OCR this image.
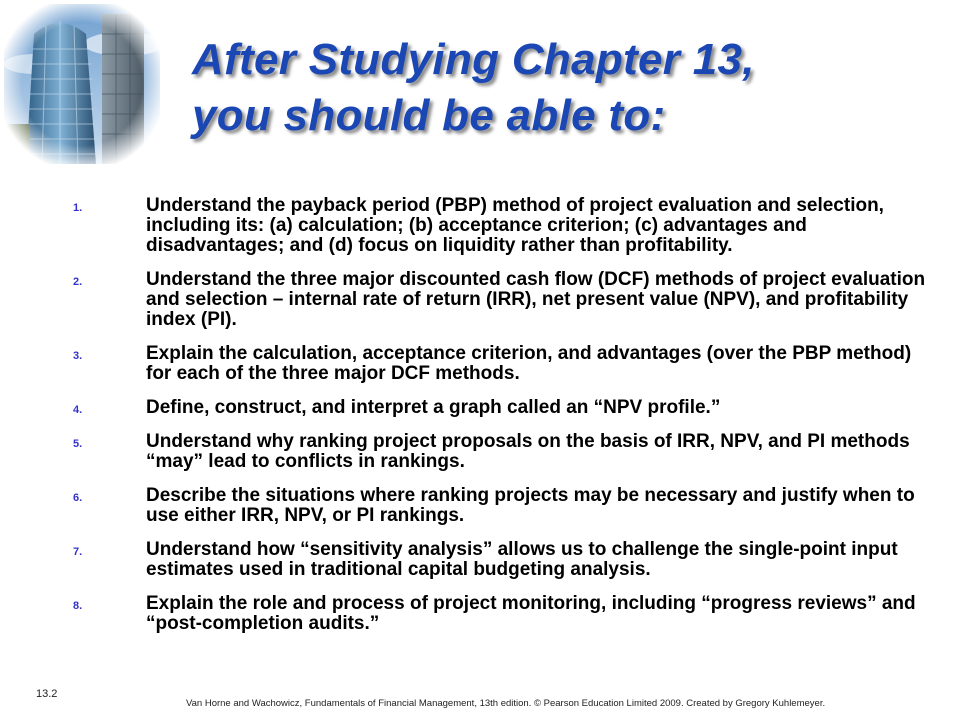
After Studying Chapter 13,
you should be able to:
1.	Understand the payback period (PBP) method of project evaluation and selection, including its: (a) calculation; (b) acceptance criterion; (c) advantages and disadvantages; and (d) focus on liquidity rather than profitability.
2.	Understand the three major discounted cash flow (DCF) methods of project evaluation and selection – internal rate of return (IRR), net present value (NPV), and profitability index (PI).
3.	Explain the calculation, acceptance criterion, and advantages (over the PBP method) for each of the three major DCF methods.
4.	Define, construct, and interpret a graph called an “NPV profile.”
5.	Understand why ranking project proposals on the basis of IRR, NPV, and PI methods “may” lead to conflicts in rankings.
6.	Describe the situations where ranking projects may be necessary and justify when to use either IRR, NPV, or PI rankings.
7.	Understand how “sensitivity analysis” allows us to challenge the single-point input estimates used in traditional capital budgeting analysis.
8.	Explain the role and process of project monitoring, including “progress reviews” and “post-completion audits.”
13.2
Van Horne and Wachowicz, Fundamentals of Financial Management, 13th edition. © Pearson Education Limited 2009. Created by Gregory Kuhlemeyer.
